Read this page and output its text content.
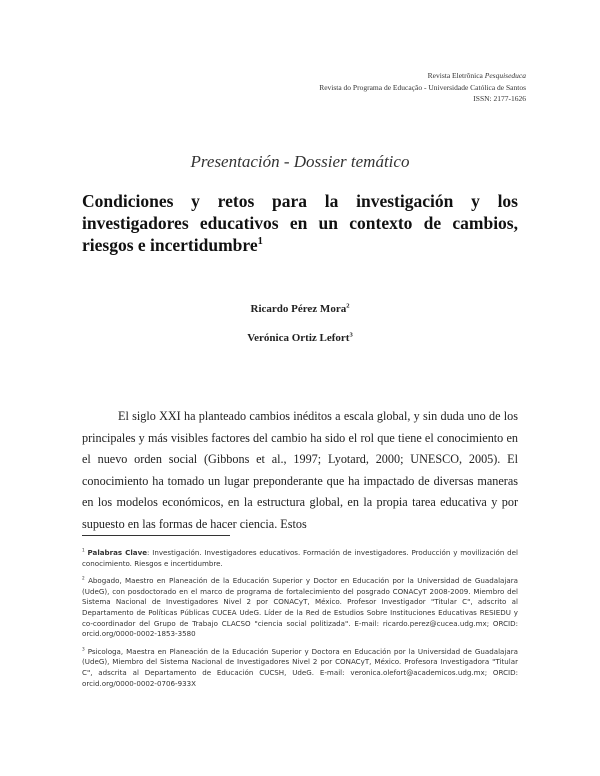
Revista Eletrônica Pesquiseduca
Revista do Programa de Educação - Universidade Católica de Santos
ISSN: 2177-1626
Presentación - Dossier temático
Condiciones y retos para la investigación y los investigadores educativos en un contexto de cambios, riesgos e incertidumbre$^1$
Ricardo Pérez Mora$^2$
Verónica Ortiz Lefort$^3$

El siglo XXI ha planteado cambios inéditos a escala global, y sin duda uno de los principales y más visibles factores del cambio ha sido el rol que tiene el conocimiento en el nuevo orden social (Gibbons et al., 1997; Lyotard, 2000; UNESCO, 2005). El conocimiento ha tomado un lugar preponderante que ha impactado de diversas maneras en los modelos económicos, en la estructura global, en la propia tarea educativa y por supuesto en las formas de hacer ciencia. Estos

$^1$ Palabras Clave: Investigación. Investigadores educativos. Formación de investigadores. Producción y movilización del conocimiento. Riesgos e incertidumbre.

$^2$ Abogado, Maestro en Planeación de la Educación Superior y Doctor en Educación por la Universidad de Guadalajara (UdeG), con posdoctorado en el marco de programa de fortalecimiento del posgrado CONACyT 2008-2009. Miembro del Sistema Nacional de Investigadores Nivel 2 por CONACyT, México. Profesor Investigador "Titular C", adscrito al Departamento de Políticas Públicas CUCEA UdeG. Líder de la Red de Estudios Sobre Instituciones Educativas RESIEDU y co-coordinador del Grupo de Trabajo CLACSO "ciencia social politizada". E-mail: ricardo.perez@cucea.udg.mx; ORCID: orcid.org/0000-0002-1853-3580

$^3$ Psicologa, Maestra en Planeación de la Educación Superior y Doctora en Educación por la Universidad de Guadalajara (UdeG), Miembro del Sistema Nacional de Investigadores Nivel 2 por CONACyT, México. Profesora Investigadora "Titular C", adscrita al Departamento de Educación CUCSH, UdeG. E-mail: veronica.olefort@academicos.udg.mx; ORCID: orcid.org/0000-0002-0706-933X
